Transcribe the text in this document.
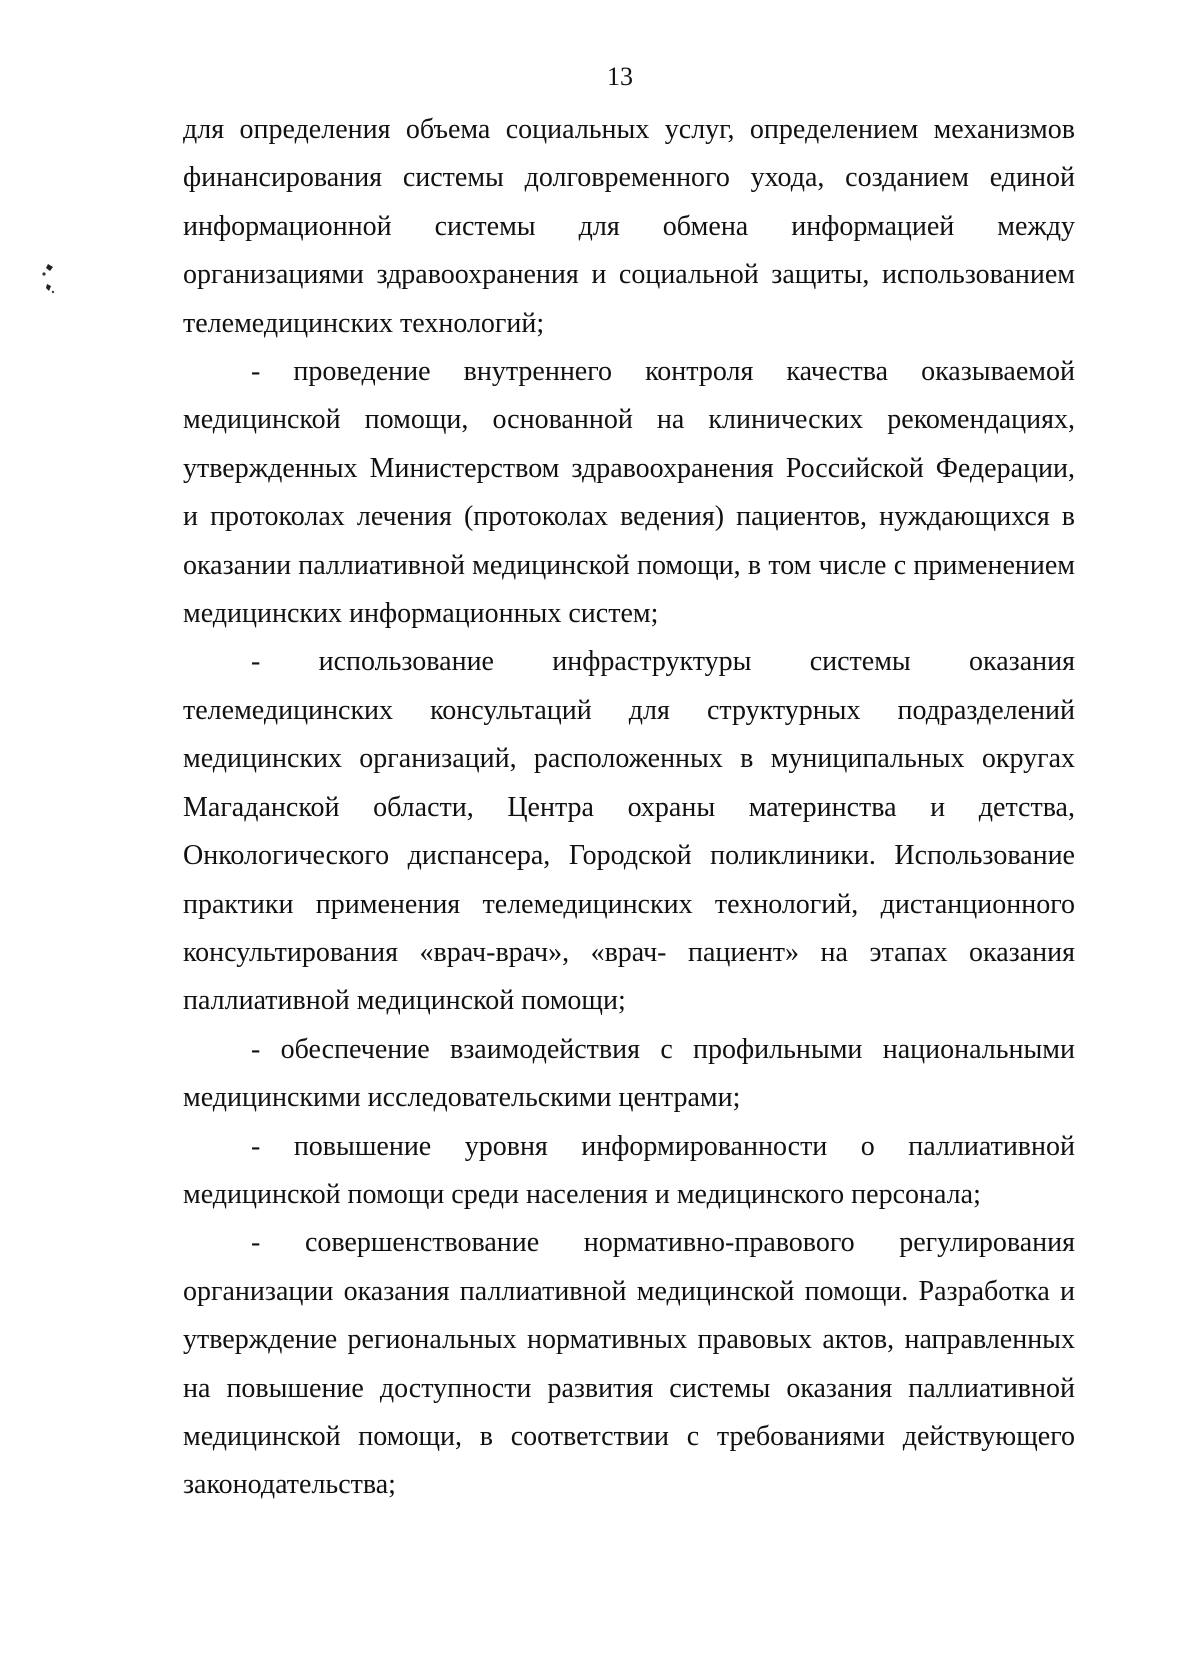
13

для определения объема социальных услуг, определением механизмов финансирования системы долговременного ухода, созданием единой информационной системы для обмена информацией между организациями здравоохранения и социальной защиты, использованием телемедицинских технологий;

- проведение внутреннего контроля качества оказываемой медицинской помощи, основанной на клинических рекомендациях, утвержденных Министерством здравоохранения Российской Федерации, и протоколах лечения (протоколах ведения) пациентов, нуждающихся в оказании паллиативной медицинской помощи, в том числе с применением медицинских информационных систем;

- использование инфраструктуры системы оказания телемедицинских консультаций для структурных подразделений медицинских организаций, расположенных в муниципальных округах Магаданской области, Центра охраны материнства и детства, Онкологического диспансера, Городской поликлиники. Использование практики применения телемедицинских технологий, дистанционного консультирования «врач-врач», «врач- пациент» на этапах оказания паллиативной медицинской помощи;

- обеспечение взаимодействия с профильными национальными медицинскими исследовательскими центрами;

- повышение уровня информированности о паллиативной медицинской помощи среди населения и медицинского персонала;

- совершенствование нормативно-правового регулирования организации оказания паллиативной медицинской помощи. Разработка и утверждение региональных нормативных правовых актов, направленных на повышение доступности развития системы оказания паллиативной медицинской помощи, в соответствии с требованиями действующего законодательства;
